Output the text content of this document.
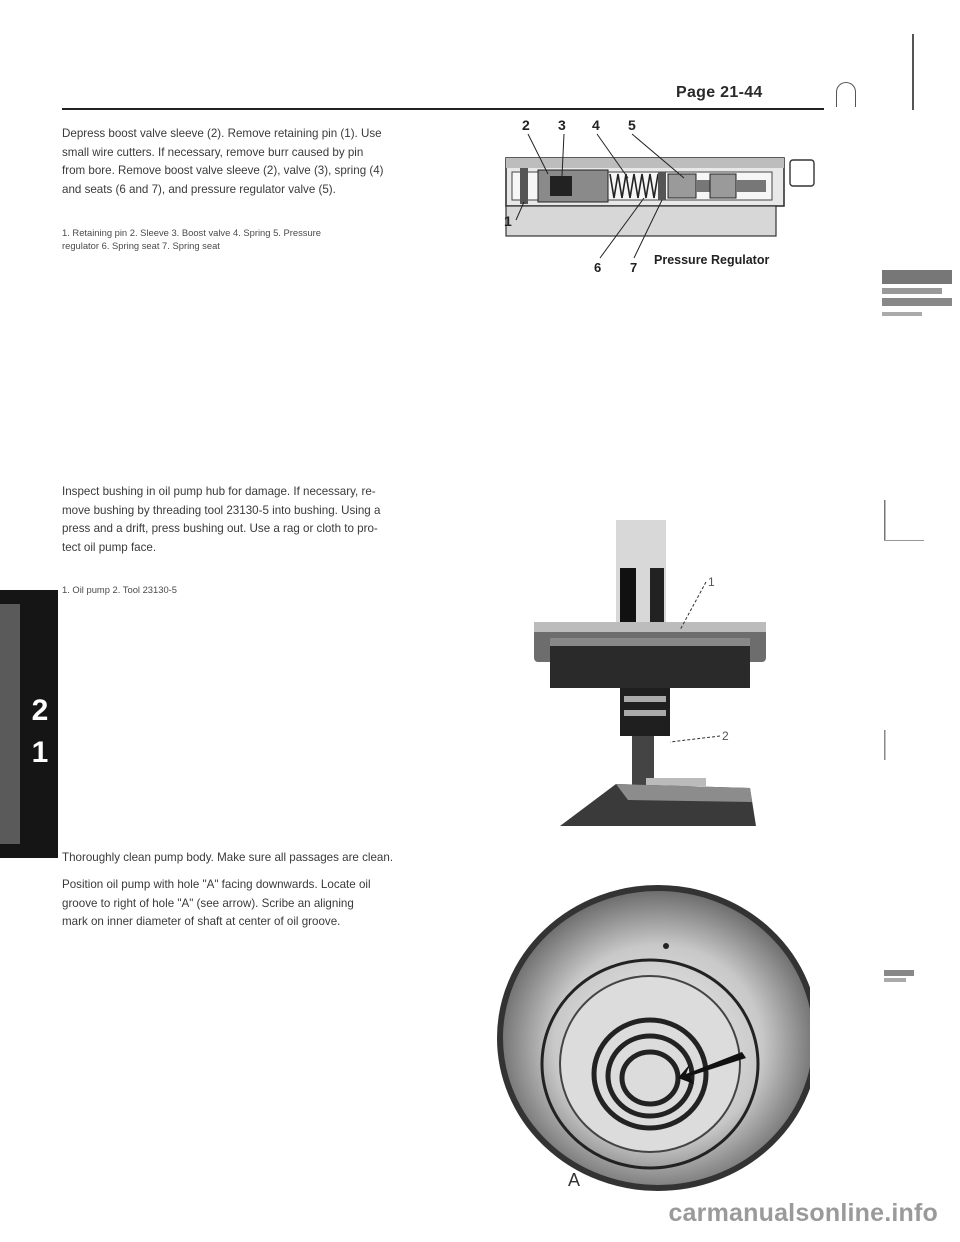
Page 21-44

Depress boost valve sleeve (2). Remove retaining pin (1). Use

small wire cutters. If necessary, remove burr caused by pin

from bore. Remove boost valve sleeve (2), valve (3), spring (4)

and seats (6 and 7), and pressure regulator valve (5).

1. Retaining pin 2. Sleeve 3. Boost valve 4. Spring 5. Pressure
regulator 6. Spring seat 7. Spring seat

Inspect bushing in oil pump hub for damage. If necessary, re-

move bushing by threading tool 23130-5 into bushing. Using a

press and a drift, press bushing out. Use a rag or cloth to pro-

tect oil pump face.

1. Oil pump 2. Tool 23130-5

Thoroughly clean pump body. Make sure all passages are clean.

Position oil pump with hole "A" facing downwards. Locate oil

groove to right of hole "A" (see arrow). Scribe an aligning

mark on inner diameter of shaft at center of oil groove.

2
1
2 3 4 5
1
6 7 Pressure Regulator
1
2
A
carmanualsonline.info
